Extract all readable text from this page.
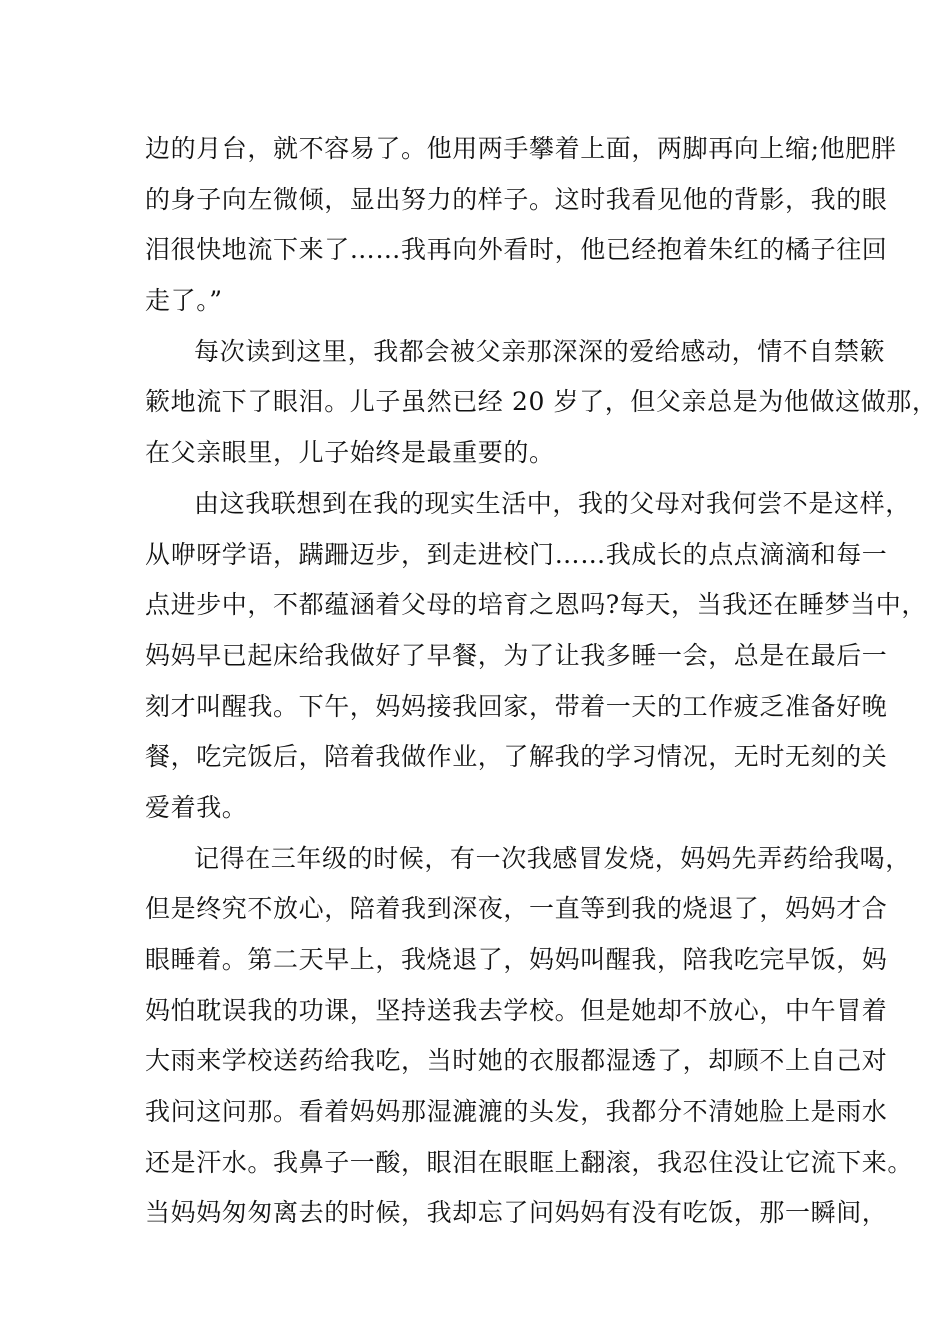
边的月台，就不容易了。他用两手攀着上面，两脚再向上缩;他肥胖
的身子向左微倾，显出努力的样子。这时我看见他的背影，我的眼
泪很快地流下来了……我再向外看时，他已经抱着朱红的橘子往回
走了。”
每次读到这里，我都会被父亲那深深的爱给感动，情不自禁簌
簌地流下了眼泪。儿子虽然已经 20 岁了，但父亲总是为他做这做那，
在父亲眼里，儿子始终是最重要的。
由这我联想到在我的现实生活中，我的父母对我何尝不是这样，
从咿呀学语，蹒跚迈步，到走进校门……我成长的点点滴滴和每一
点进步中，不都蕴涵着父母的培育之恩吗?每天，当我还在睡梦当中，
妈妈早已起床给我做好了早餐，为了让我多睡一会，总是在最后一
刻才叫醒我。下午，妈妈接我回家，带着一天的工作疲乏准备好晚
餐，吃完饭后，陪着我做作业，了解我的学习情况，无时无刻的关
爱着我。
记得在三年级的时候，有一次我感冒发烧，妈妈先弄药给我喝，
但是终究不放心，陪着我到深夜，一直等到我的烧退了，妈妈才合
眼睡着。第二天早上，我烧退了，妈妈叫醒我，陪我吃完早饭，妈
妈怕耽误我的功课，坚持送我去学校。但是她却不放心，中午冒着
大雨来学校送药给我吃，当时她的衣服都湿透了，却顾不上自己对
我问这问那。看着妈妈那湿漉漉的头发，我都分不清她脸上是雨水
还是汗水。我鼻子一酸，眼泪在眼眶上翻滚，我忍住没让它流下来。
当妈妈匆匆离去的时候，我却忘了问妈妈有没有吃饭，那一瞬间，
